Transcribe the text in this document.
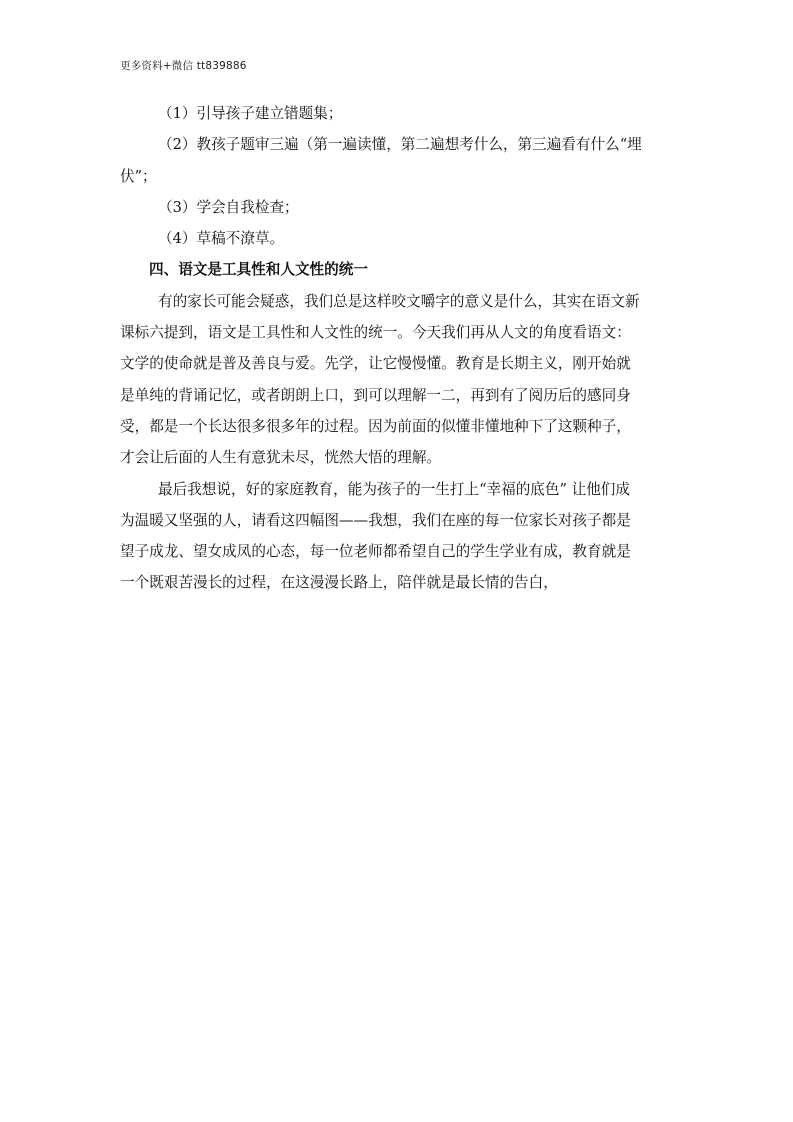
更多资料+微信 tt839886
（1）引导孩子建立错题集；
（2）教孩子题审三遍（第一遍读懂，第二遍想考什么，第三遍看有什么“埋
伏”；
（3）学会自我检查；
（4）草稿不潦草。
四、语文是工具性和人文性的统一
有的家长可能会疑惑，我们总是这样咬文嚼字的意义是什么，其实在语文新
课标六提到，语文是工具性和人文性的统一。今天我们再从人文的角度看语文：
文学的使命就是普及善良与爱。先学，让它慢慢懂。教育是长期主义，刚开始就
是单纯的背诵记忆，或者朗朗上口，到可以理解一二，再到有了阅历后的感同身
受，都是一个长达很多很多年的过程。因为前面的似懂非懂地种下了这颗种子，
才会让后面的人生有意犹未尽，恍然大悟的理解。
最后我想说，好的家庭教育，能为孩子的一生打上“幸福的底色” 让他们成
为温暖又坚强的人，请看这四幅图——我想，我们在座的每一位家长对孩子都是
望子成龙、望女成凤的心态，每一位老师都希望自己的学生学业有成，教育就是
一个既艰苦漫长的过程，在这漫漫长路上，陪伴就是最长情的告白，
